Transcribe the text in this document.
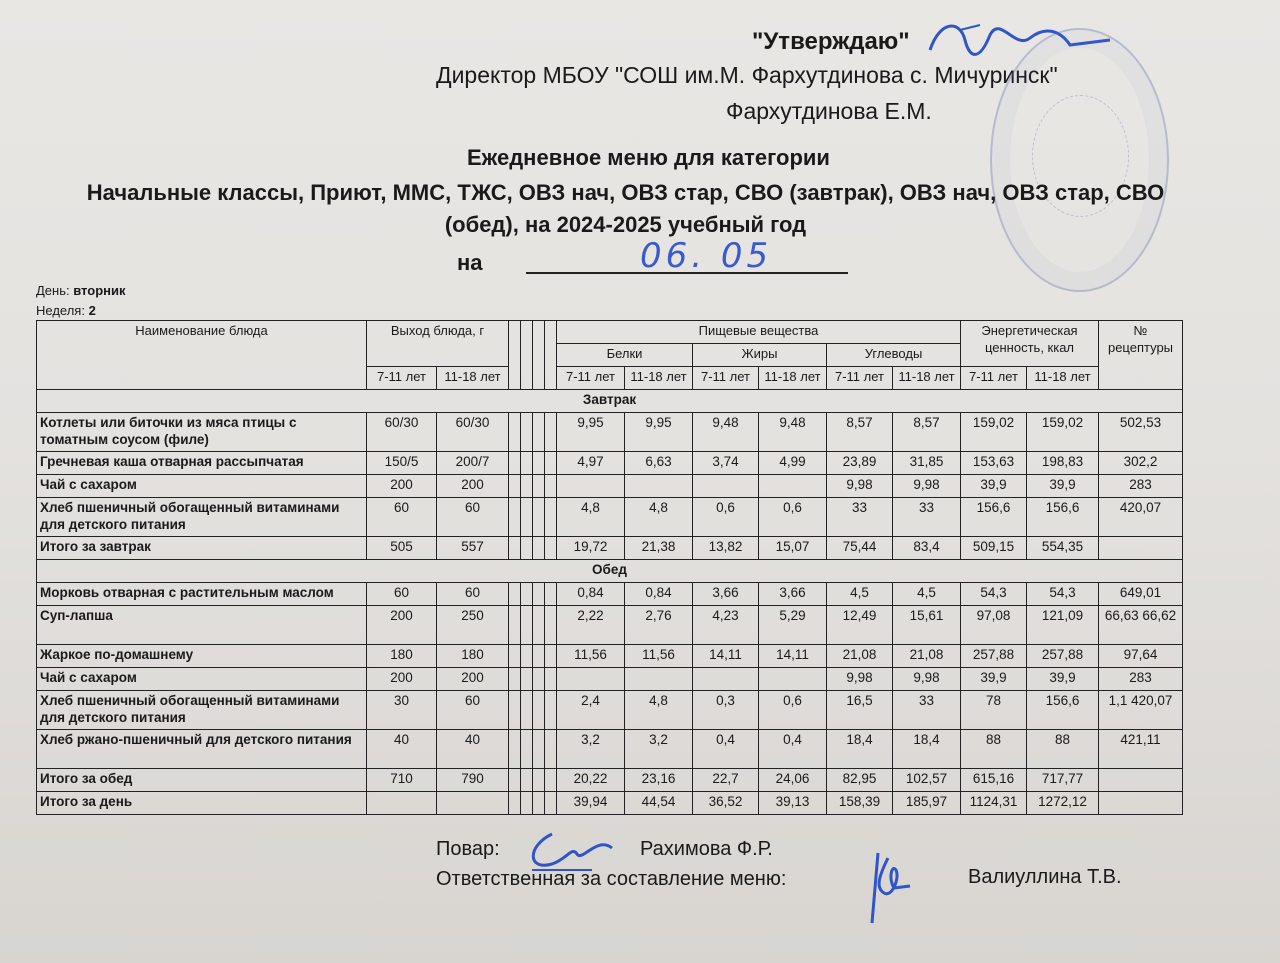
"Утверждаю"
Директор МБОУ "СОШ им.М. Фархутдинова с. Мичуринск"
Фархутдинова Е.М.
Ежедневное меню для категории
Начальные классы, Приют, ММС, ТЖС, ОВЗ нач, ОВЗ стар, СВО (завтрак), ОВЗ нач, ОВЗ стар, СВО (обед), на 2024-2025 учебный год
на	06. 05
День: вторник
Неделя: 2
Наименование блюда	Выход блюда, г						Пищевые вещества						Энергетическая ценность, ккал		№ рецептуры
							Белки		Жиры		Углеводы				
	7-11 лет	11-18 лет					7-11 лет	11-18 лет	7-11 лет	11-18 лет	7-11 лет	11-18 лет	7-11 лет	11-18 лет	
Завтрак															
Котлеты или биточки из мяса птицы с томатным соусом (филе)	60/30	60/30					9,95	9,95	9,48	9,48	8,57	8,57	159,02	159,02	502,53
Гречневая каша отварная рассыпчатая	150/5	200/7					4,97	6,63	3,74	4,99	23,89	31,85	153,63	198,83	302,2
Чай с сахаром	200	200									9,98	9,98	39,9	39,9	283
Хлеб пшеничный обогащенный витаминами для детского питания	60	60					4,8	4,8	0,6	0,6	33	33	156,6	156,6	420,07
Итого за завтрак	505	557					19,72	21,38	13,82	15,07	75,44	83,4	509,15	554,35	
Обед															
Морковь отварная с растительным маслом	60	60					0,84	0,84	3,66	3,66	4,5	4,5	54,3	54,3	649,01
Суп-лапша	200	250					2,22	2,76	4,23	5,29	12,49	15,61	97,08	121,09	66,63 66,62
Жаркое по-домашнему	180	180					11,56	11,56	14,11	14,11	21,08	21,08	257,88	257,88	97,64
Чай с сахаром	200	200									9,98	9,98	39,9	39,9	283
Хлеб пшеничный обогащенный витаминами для детского питания	30	60					2,4	4,8	0,3	0,6	16,5	33	78	156,6	1,1 420,07
Хлеб ржано-пшеничный для детского питания	40	40					3,2	3,2	0,4	0,4	18,4	18,4	88	88	421,11
Итого за обед	710	790					20,22	23,16	22,7	24,06	82,95	102,57	615,16	717,77	
Итого за день							39,94	44,54	36,52	39,13	158,39	185,97	1124,31	1272,12	
Повар:	Рахимова Ф.Р.
Ответственная за составление меню:	Валиуллина Т.В.
